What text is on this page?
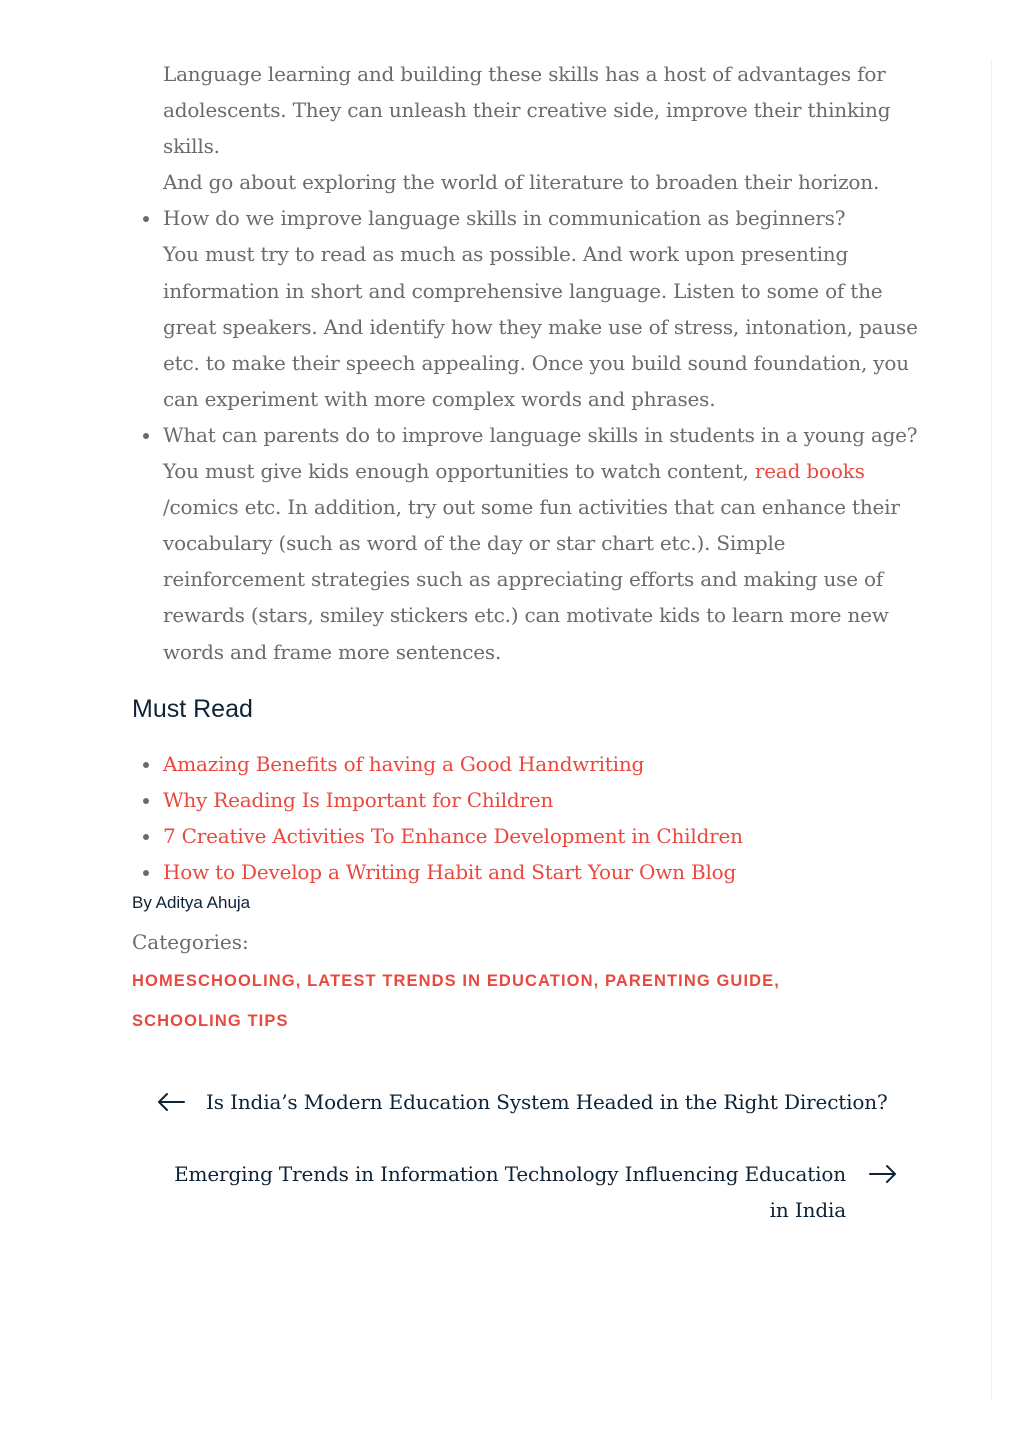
Language learning and building these skills has a host of advantages for
adolescents. They can unleash their creative side, improve their thinking skills.
And go about exploring the world of literature to broaden their horizon.
How do we improve language skills in communication as beginners?
You must try to read as much as possible. And work upon presenting information in short and comprehensive language. Listen to some of the great speakers. And identify how they make use of stress, intonation, pause etc. to make their speech appealing. Once you build sound foundation, you can experiment with more complex words and phrases.
What can parents do to improve language skills in students in a young age?
You must give kids enough opportunities to watch content, read books /comics etc. In addition, try out some fun activities that can enhance their vocabulary (such as word of the day or star chart etc.). Simple reinforcement strategies such as appreciating efforts and making use of rewards (stars, smiley stickers etc.) can motivate kids to learn more new words and frame more sentences.
Must Read
Amazing Benefits of having a Good Handwriting
Why Reading Is Important for Children
7 Creative Activities To Enhance Development in Children
How to Develop a Writing Habit and Start Your Own Blog
By Aditya Ahuja
Categories:
HOMESCHOOLING, LATEST TRENDS IN EDUCATION, PARENTING GUIDE,
SCHOOLING TIPS
Is India’s Modern Education System Headed in the Right Direction?
Emerging Trends in Information Technology Influencing Education in India
